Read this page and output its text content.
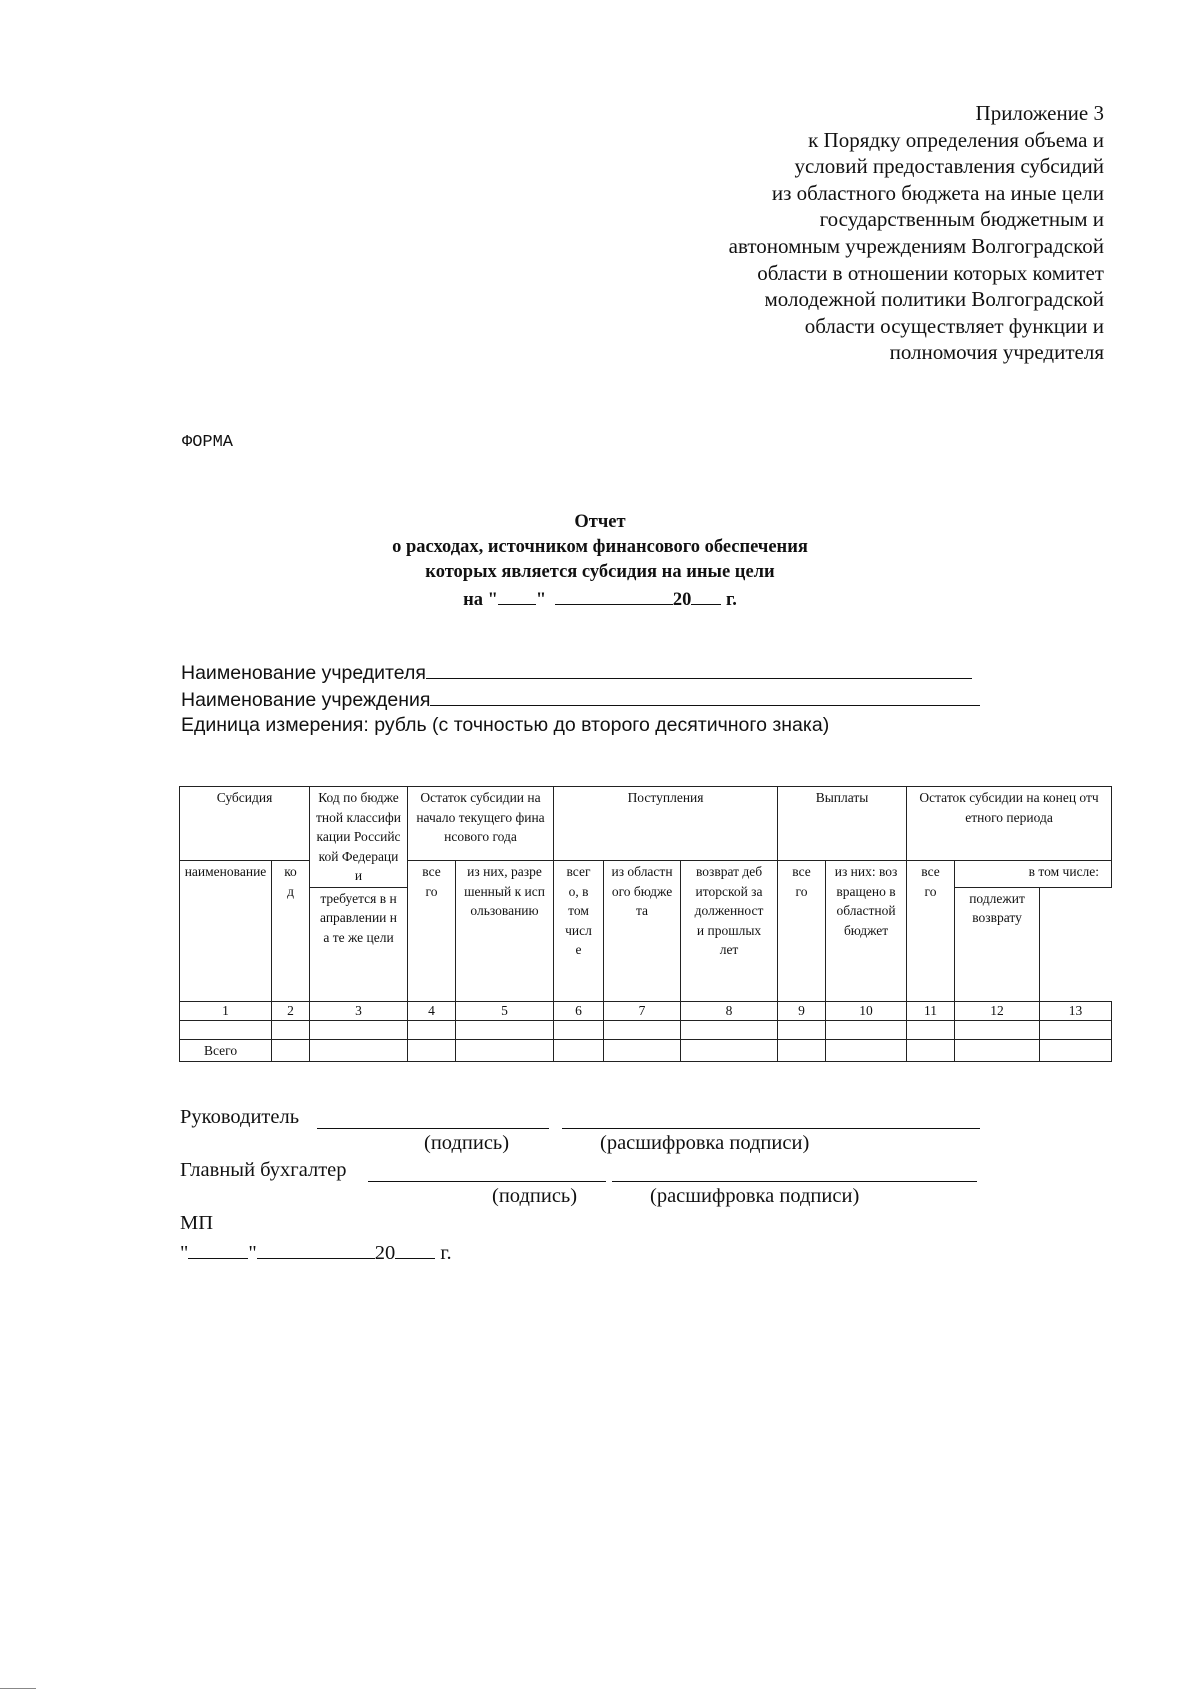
Приложение 3
к Порядку определения объема и
условий предоставления субсидий
из областного бюджета на иные цели
государственным бюджетным и
автономным учреждениям Волгоградской
области в отношении которых комитет
молодежной политики Волгоградской
области осуществляет функции и
полномочия учредителя
ФОРМА
Отчет
о расходах, источником финансового обеспечения
которых является субсидия на иные цели
на " "	20 г.
Наименование учредителя
Наименование учреждения
Единица измерения: рубль (с точностью до второго десятичного знака)
Субсидия		Код по бюджетной классификации Российской Федерации	Остаток субсидии на начало текущего финансового года		Поступления			Выплаты		Остаток субсидии на конец отчетного периода		
наименование	код		всего	из них, разрешенный к использованию	всего, в том числе	из областного бюджета	возврат дебиторской задолженности прошлых лет	всего	из них: возвращено в областной бюджет	всего	в том числе:	
		требуется в направлении на те же цели									подлежит возврату	
1	2	3	4	5	6	7	8	9	10	11	12	13

Всего												
Руководитель
(подпись)	(расшифровка подписи)
Главный бухгалтер
(подпись)	(расшифровка подписи)
МП
"	"	20 г.
